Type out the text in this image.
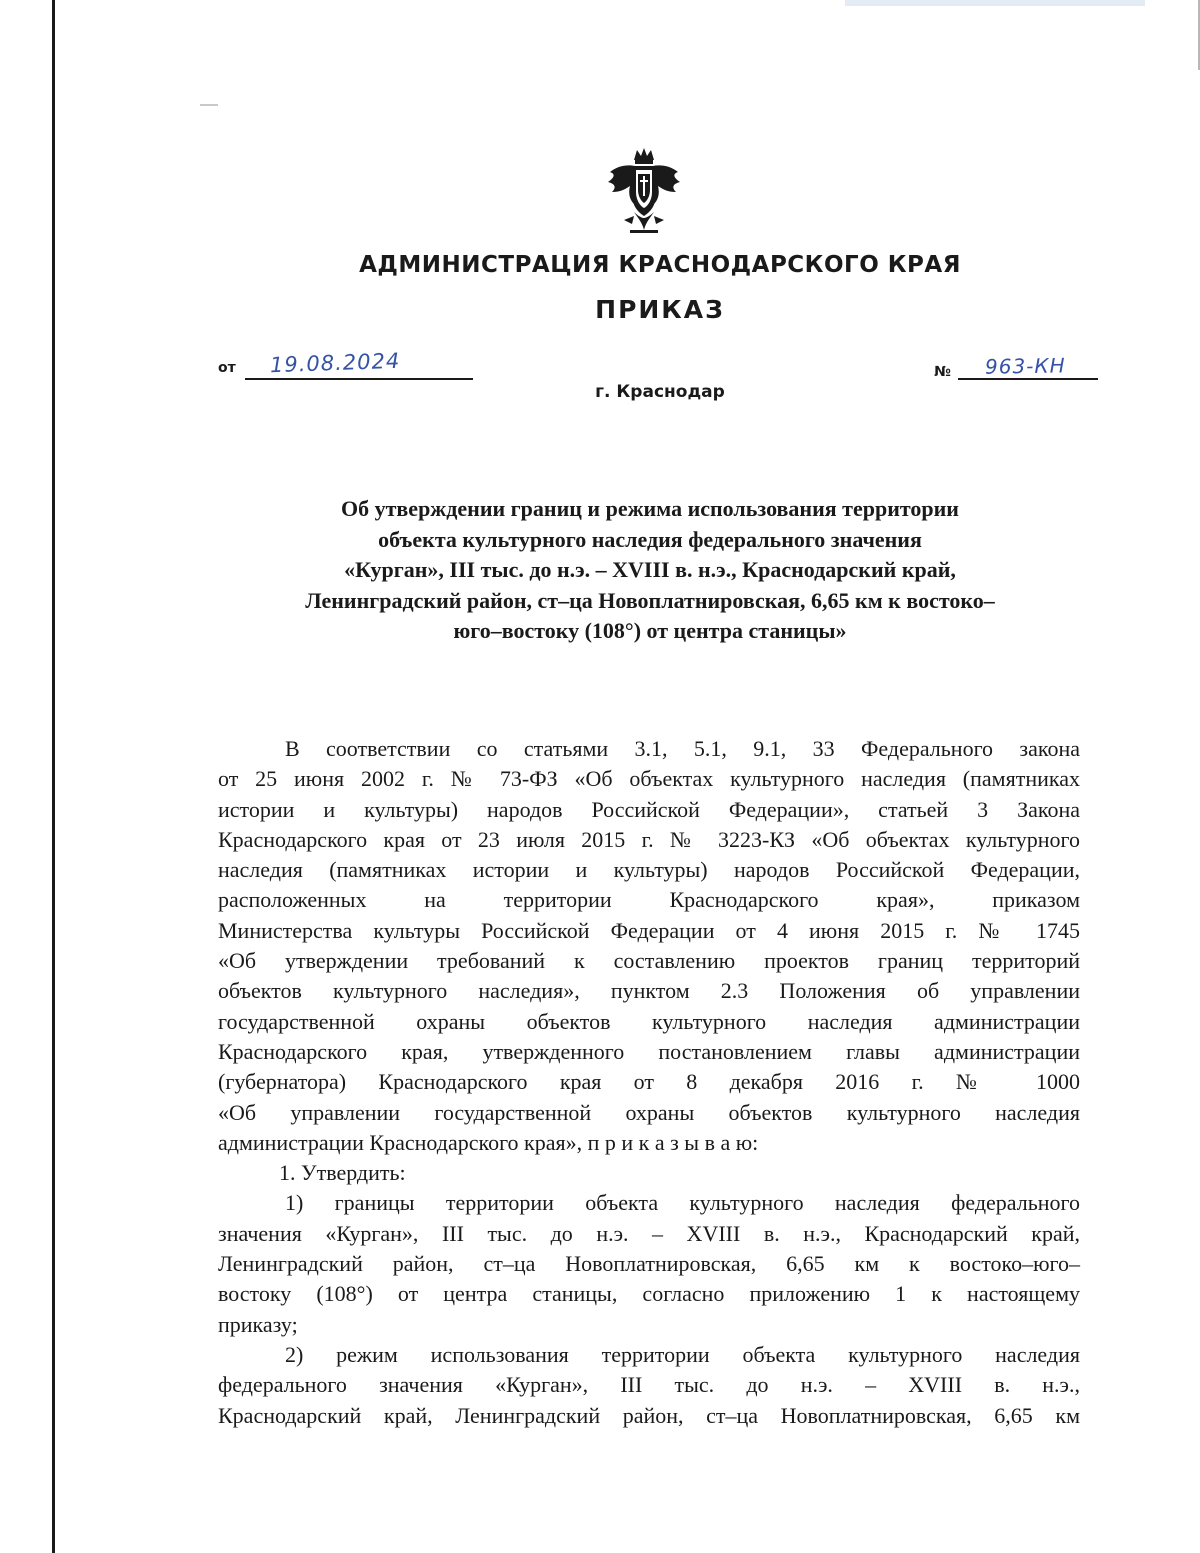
АДМИНИСТРАЦИЯ КРАСНОДАРСКОГО КРАЯ
ПРИКАЗ
от 19.08.2024	№ 963-КН
г. Краснодар
Об утверждении границ и режима использования территории
объекта культурного наследия федерального значения
«Курган», III тыс. до н.э. – XVIII в. н.э., Краснодарский край,
Ленинградский район, ст–ца Новоплатнировская, 6,65 км к востоко–
юго–востоку (108°) от центра станицы»
В соответствии со статьями 3.1, 5.1, 9.1, 33 Федерального закона
от 25 июня 2002 г. № 73-ФЗ «Об объектах культурного наследия (памятниках
истории и культуры) народов Российской Федерации», статьей 3 Закона
Краснодарского края от 23 июля 2015 г. № 3223-КЗ «Об объектах культурного
наследия (памятниках истории и культуры) народов Российской Федерации,
расположенных на территории Краснодарского края», приказом
Министерства культуры Российской Федерации от 4 июня 2015 г. № 1745
«Об утверждении требований к составлению проектов границ территорий
объектов культурного наследия», пунктом 2.3 Положения об управлении
государственной охраны объектов культурного наследия администрации
Краснодарского края, утвержденного постановлением главы администрации
(губернатора) Краснодарского края от 8 декабря 2016 г. № 1000
«Об управлении государственной охраны объектов культурного наследия
администрации Краснодарского края», п р и к а з ы в а ю:
1. Утвердить:
1) границы территории объекта культурного наследия федерального
значения «Курган», III тыс. до н.э. – XVIII в. н.э., Краснодарский край,
Ленинградский район, ст–ца Новоплатнировская, 6,65 км к востоко–юго–
востоку (108°) от центра станицы, согласно приложению 1 к настоящему
приказу;
2) режим использования территории объекта культурного наследия
федерального значения «Курган», III тыс. до н.э. – XVIII в. н.э.,
Краснодарский край, Ленинградский район, ст–ца Новоплатнировская, 6,65 км
